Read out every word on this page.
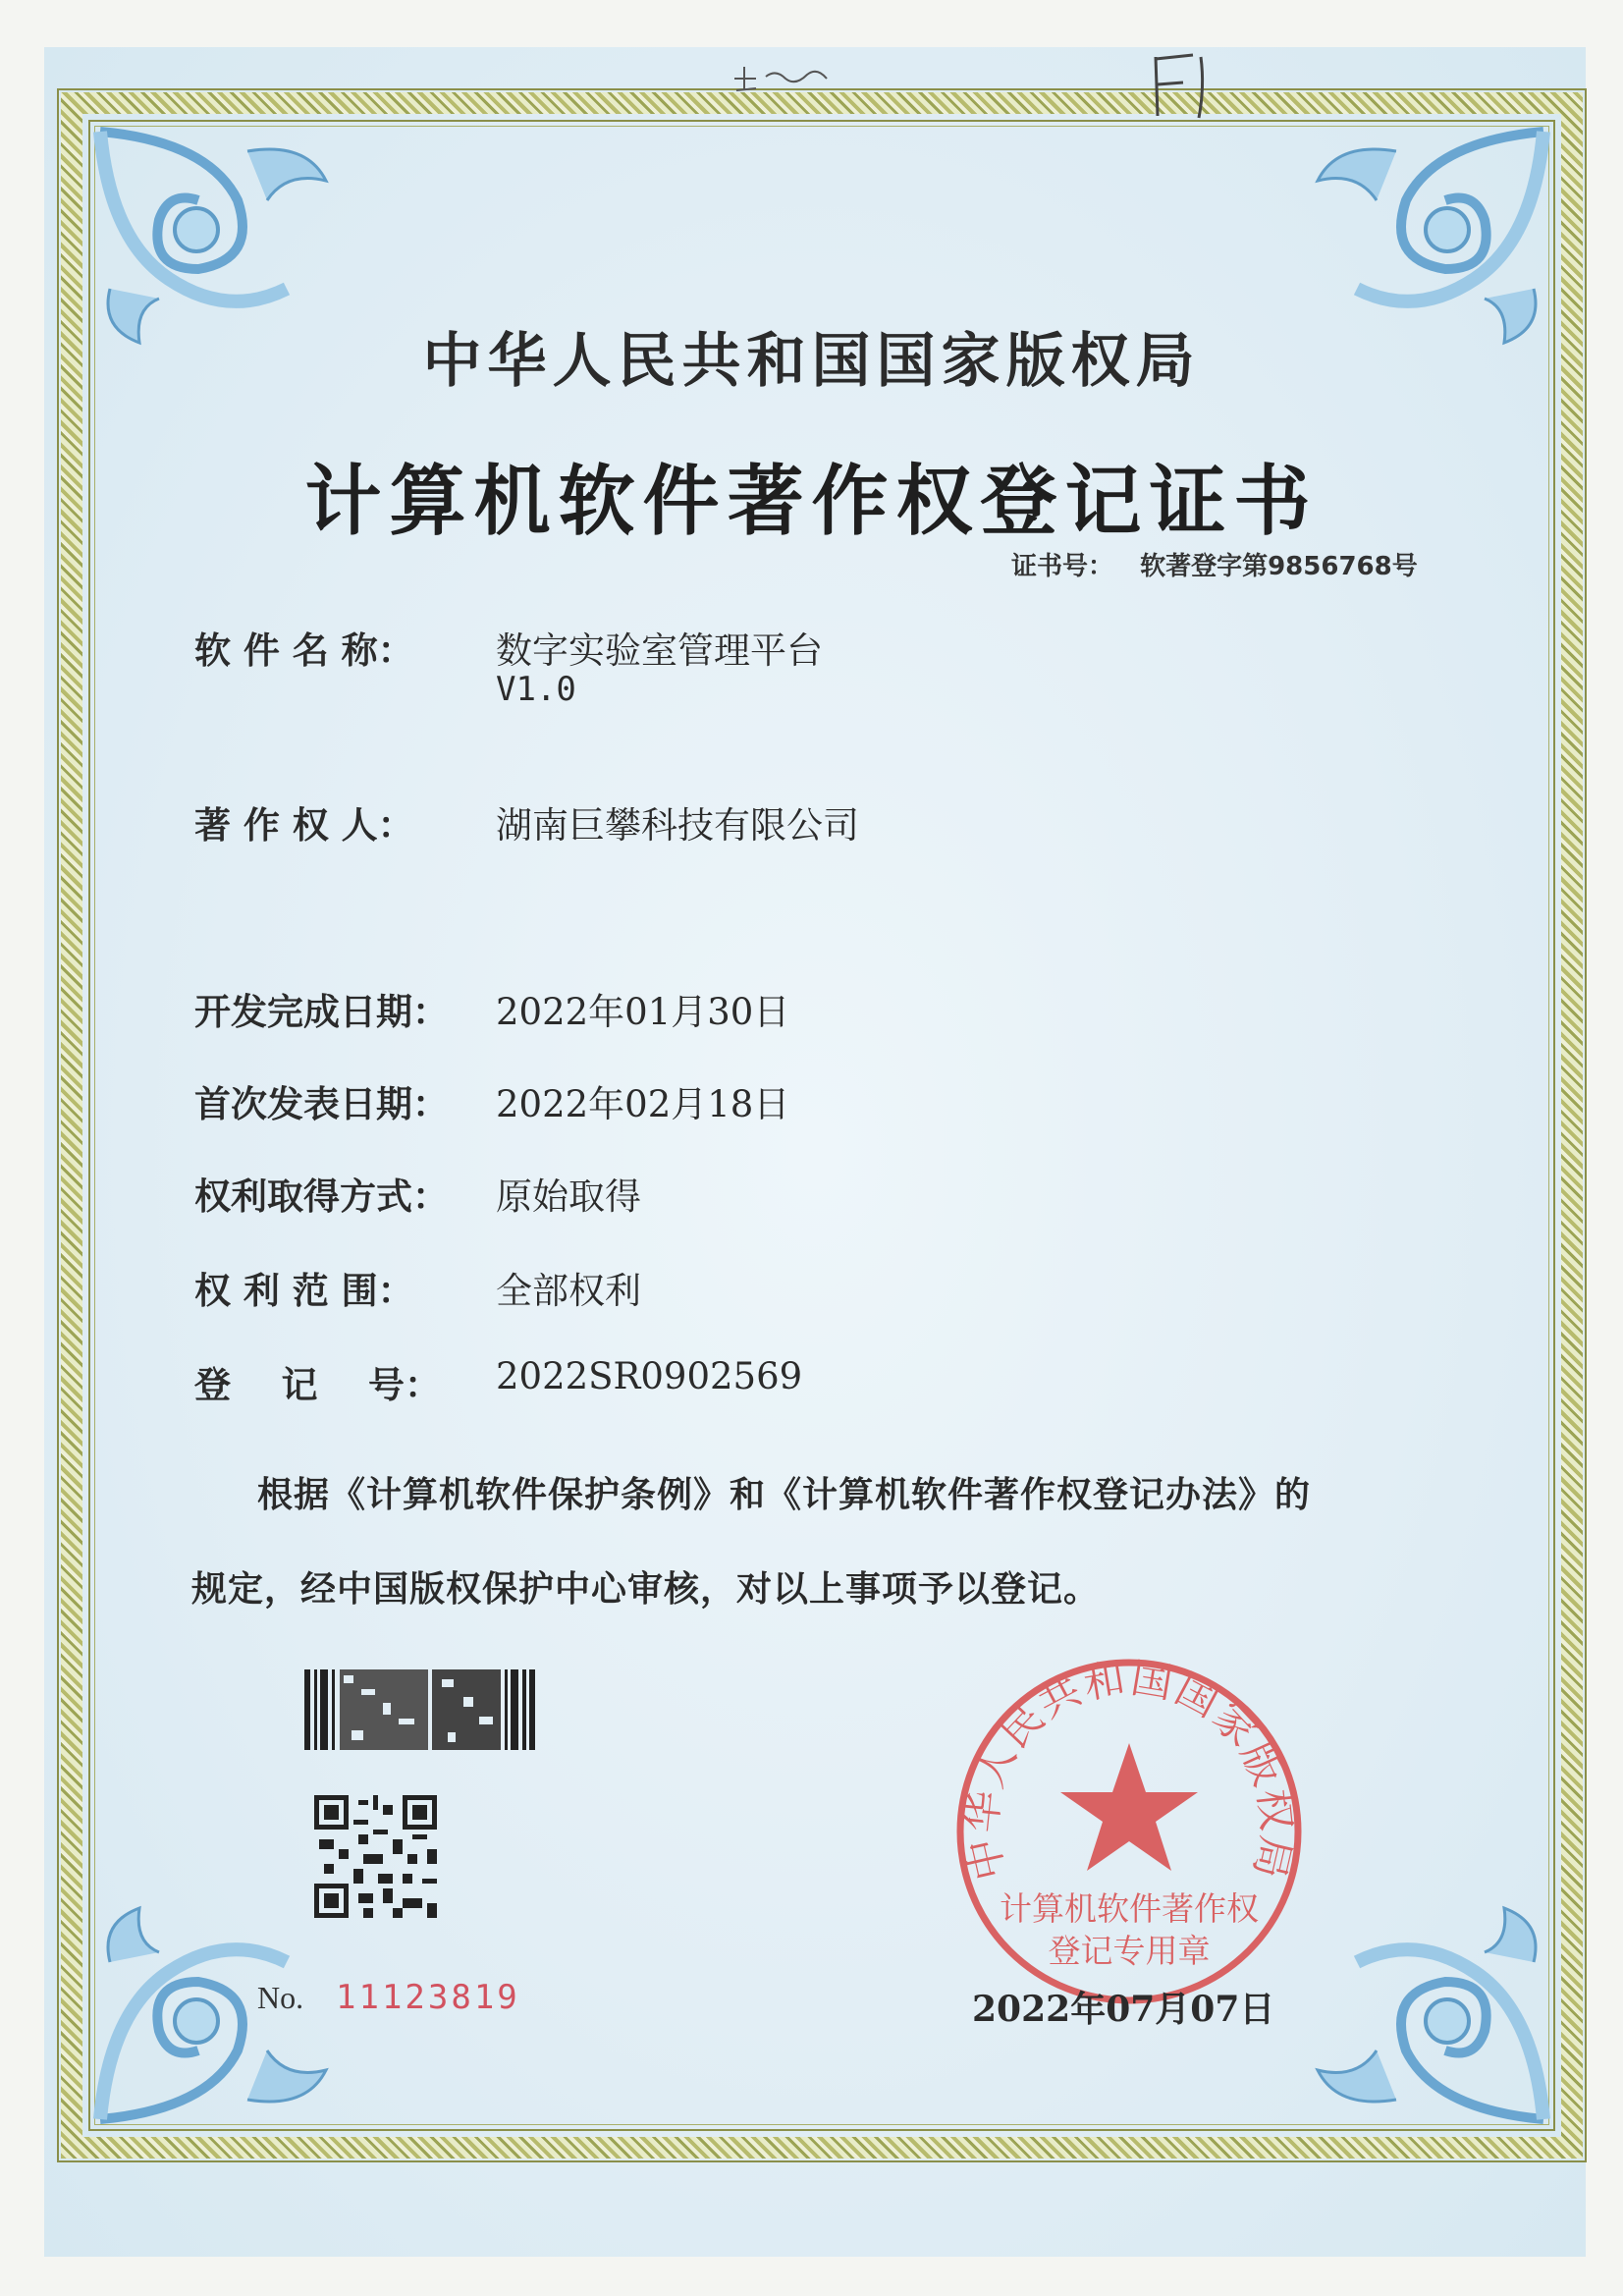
中华人民共和国国家版权局
计算机软件著作权登记证书
证书号： 软著登字第9856768号
软 件 名 称： 数字实验室管理平台
V1.0
著 作 权 人： 湖南巨攀科技有限公司
开发完成日期： 2022年01月30日
首次发表日期： 2022年02月18日
权利取得方式： 原始取得
权 利 范 围： 全部权利
登    记    号： 2022SR0902569
根据《计算机软件保护条例》和《计算机软件著作权登记办法》的
规定，经中国版权保护中心审核，对以上事项予以登记。
No. 11123819
中华人民共和国国家版权局
计算机软件著作权
登记专用章
2022年07月07日
